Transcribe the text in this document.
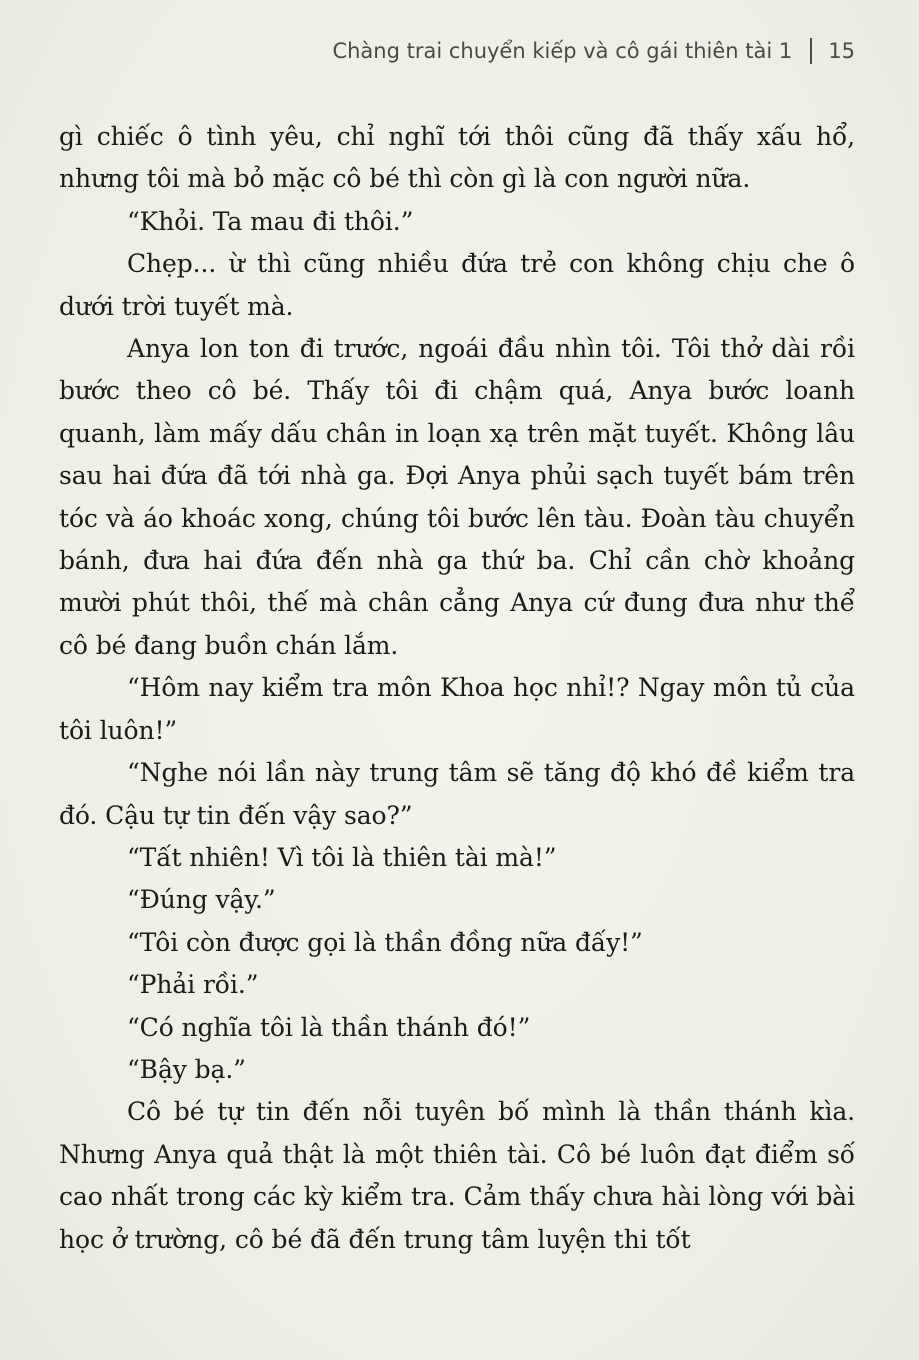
Chàng trai chuyển kiếp và cô gái thiên tài 1 15

gì chiếc ô tình yêu, chỉ nghĩ tới thôi cũng đã thấy xấu hổ, nhưng tôi mà bỏ mặc cô bé thì còn gì là con người nữa.

“Khỏi. Ta mau đi thôi.”

Chẹp... ừ thì cũng nhiều đứa trẻ con không chịu che ô dưới trời tuyết mà.

Anya lon ton đi trước, ngoái đầu nhìn tôi. Tôi thở dài rồi bước theo cô bé. Thấy tôi đi chậm quá, Anya bước loanh quanh, làm mấy dấu chân in loạn xạ trên mặt tuyết. Không lâu sau hai đứa đã tới nhà ga. Đợi Anya phủi sạch tuyết bám trên tóc và áo khoác xong, chúng tôi bước lên tàu. Đoàn tàu chuyển bánh, đưa hai đứa đến nhà ga thứ ba. Chỉ cần chờ khoảng mười phút thôi, thế mà chân cẳng Anya cứ đung đưa như thể cô bé đang buồn chán lắm.

“Hôm nay kiểm tra môn Khoa học nhỉ!? Ngay môn tủ của tôi luôn!”

“Nghe nói lần này trung tâm sẽ tăng độ khó đề kiểm tra đó. Cậu tự tin đến vậy sao?”

“Tất nhiên! Vì tôi là thiên tài mà!”

“Đúng vậy.”

“Tôi còn được gọi là thần đồng nữa đấy!”

“Phải rồi.”

“Có nghĩa tôi là thần thánh đó!”

“Bậy bạ.”

Cô bé tự tin đến nỗi tuyên bố mình là thần thánh kìa. Nhưng Anya quả thật là một thiên tài. Cô bé luôn đạt điểm số cao nhất trong các kỳ kiểm tra. Cảm thấy chưa hài lòng với bài học ở trường, cô bé đã đến trung tâm luyện thi tốt
